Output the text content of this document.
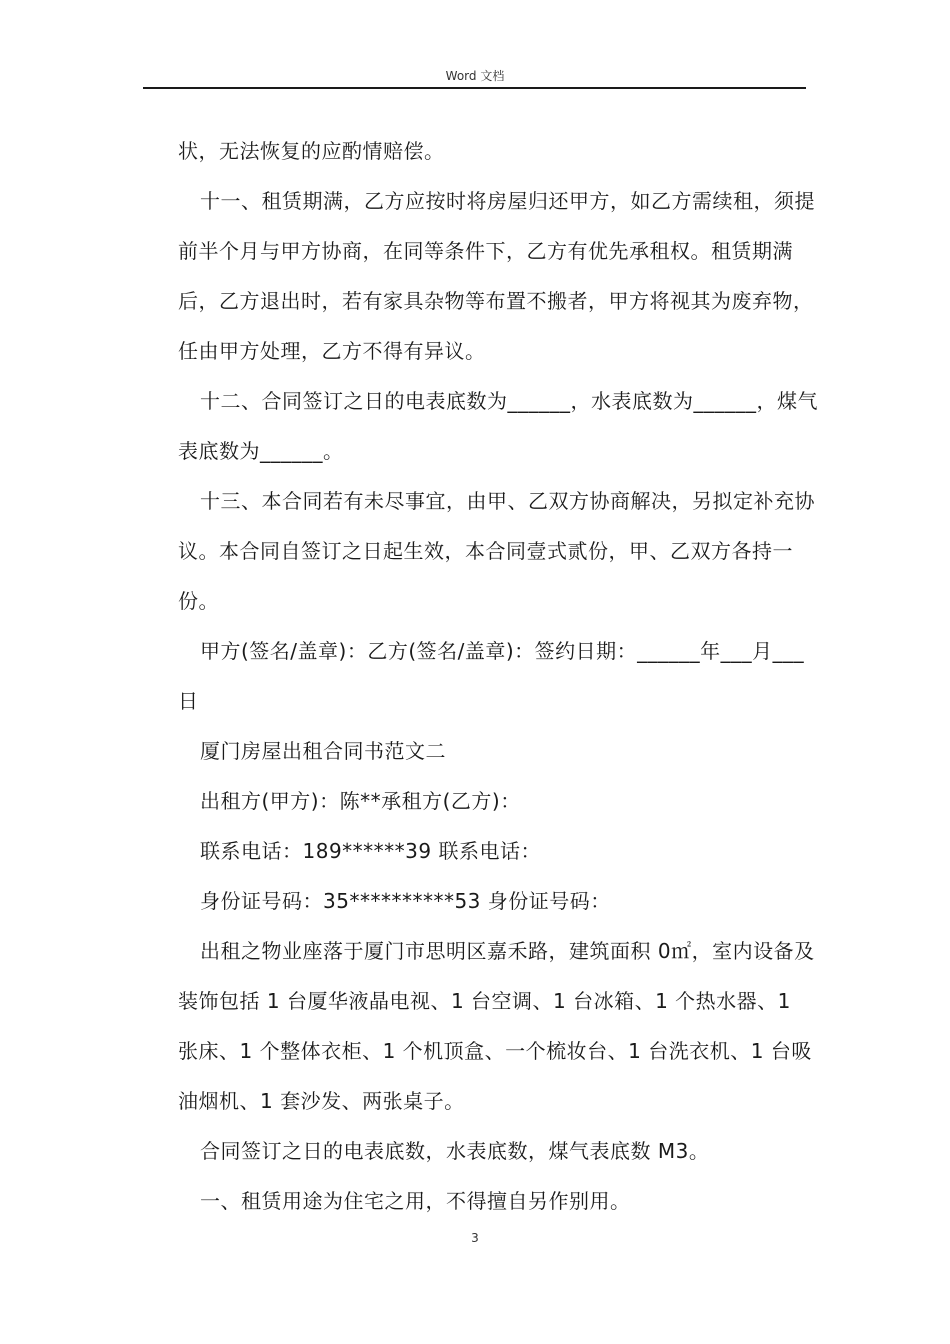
Word 文档

状，无法恢复的应酌情赔偿。

十一、租赁期满，乙方应按时将房屋归还甲方，如乙方需续租，须提前半个月与甲方协商，在同等条件下，乙方有优先承租权。租赁期满后，乙方退出时，若有家具杂物等布置不搬者，甲方将视其为废弃物，任由甲方处理，乙方不得有异议。

十二、合同签订之日的电表底数为______，水表底数为______，煤气表底数为______。

十三、本合同若有未尽事宜，由甲、乙双方协商解决，另拟定补充协议。本合同自签订之日起生效，本合同壹式贰份，甲、乙双方各持一份。

甲方(签名/盖章)：乙方(签名/盖章)：签约日期：______年___月___日

厦门房屋出租合同书范文二

出租方(甲方)：陈**承租方(乙方)：

联系电话：189******39 联系电话：

身份证号码：35**********53 身份证号码：

出租之物业座落于厦门市思明区嘉禾路，建筑面积 0㎡，室内设备及装饰包括 1 台厦华液晶电视、1 台空调、1 台冰箱、1 个热水器、1 张床、1 个整体衣柜、1 个机顶盒、一个梳妆台、1 台洗衣机、1 台吸油烟机、1 套沙发、两张桌子。

合同签订之日的电表底数，水表底数，煤气表底数 M3。

一、租赁用途为住宅之用，不得擅自另作别用。

3
